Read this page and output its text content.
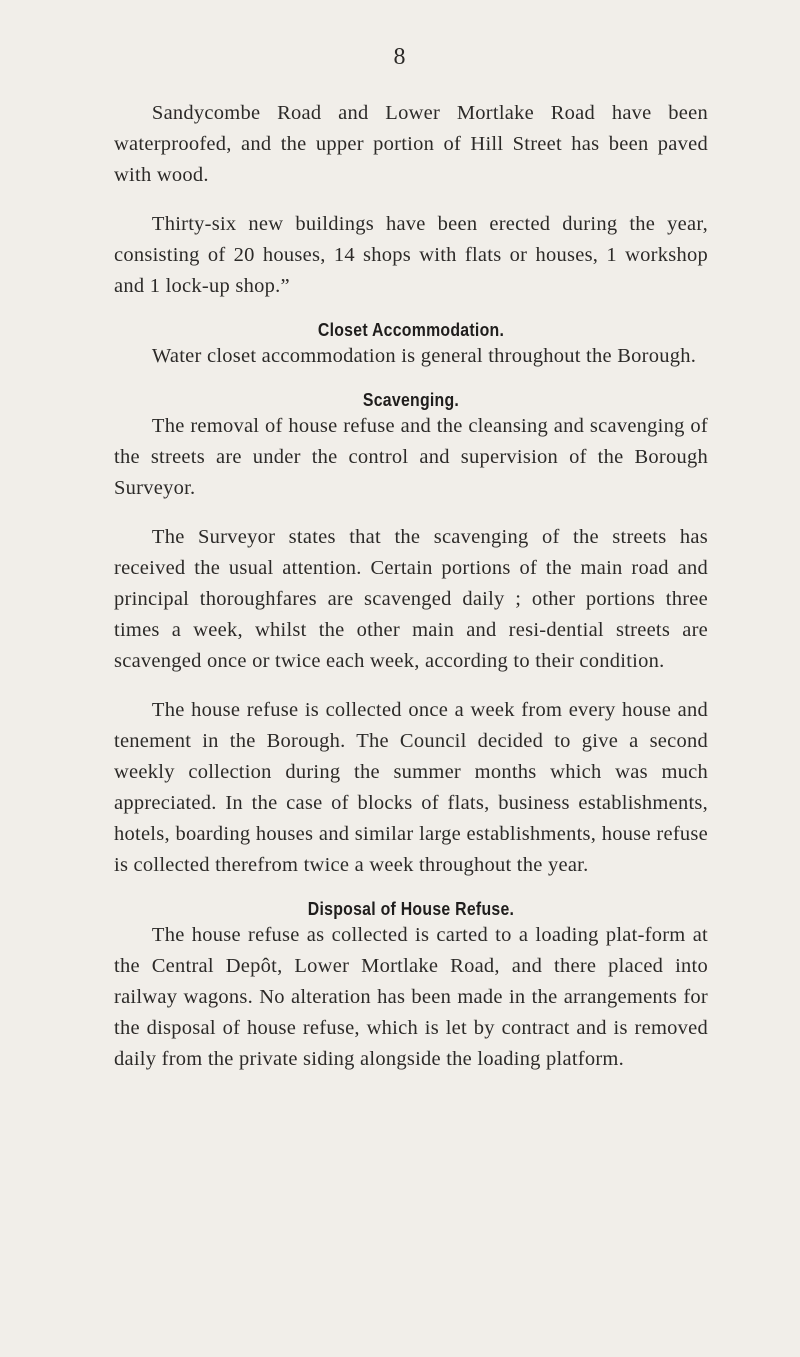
8

Sandycombe Road and Lower Mortlake Road have been waterproofed, and the upper portion of Hill Street has been paved with wood.

Thirty-six new buildings have been erected during the year, consisting of 20 houses, 14 shops with flats or houses, 1 workshop and 1 lock-up shop.”

Closet Accommodation.

Water closet accommodation is general throughout the Borough.

Scavenging.

The removal of house refuse and the cleansing and scavenging of the streets are under the control and supervision of the Borough Surveyor.

The Surveyor states that the scavenging of the streets has received the usual attention. Certain portions of the main road and principal thoroughfares are scavenged daily ; other portions three times a week, whilst the other main and resi-dential streets are scavenged once or twice each week, according to their condition.

The house refuse is collected once a week from every house and tenement in the Borough. The Council decided to give a second weekly collection during the summer months which was much appreciated. In the case of blocks of flats, business establishments, hotels, boarding houses and similar large establishments, house refuse is collected therefrom twice a week throughout the year.

Disposal of House Refuse.

The house refuse as collected is carted to a loading plat-form at the Central Depôt, Lower Mortlake Road, and there placed into railway wagons. No alteration has been made in the arrangements for the disposal of house refuse, which is let by contract and is removed daily from the private siding alongside the loading platform.
